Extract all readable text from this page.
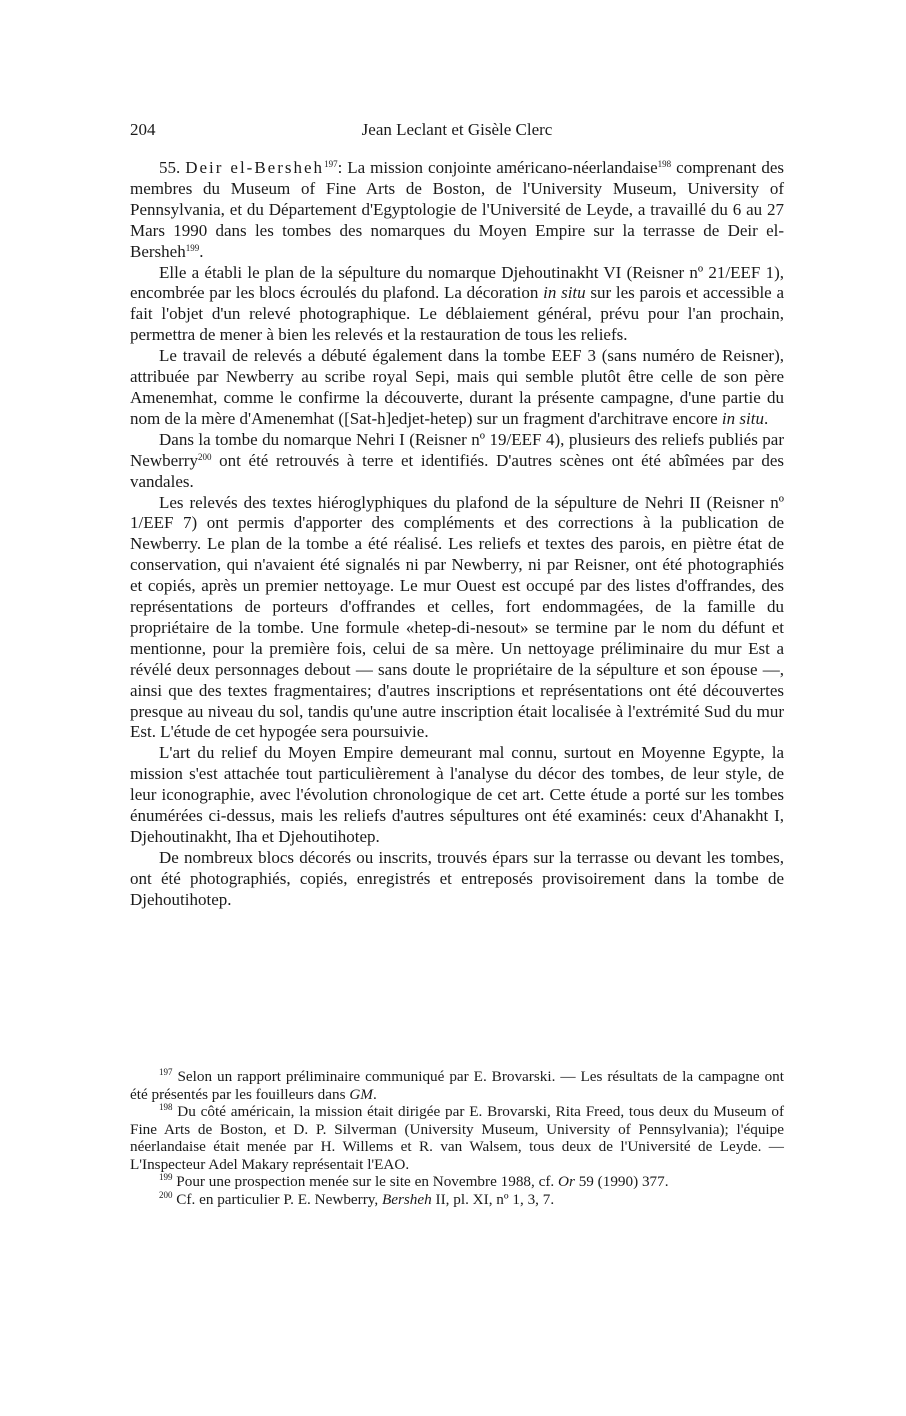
204	Jean Leclant et Gisèle Clerc

55. Deir el-Bersheh$^{197}$: La mission conjointe américano-néerlandaise$^{198}$ comprenant des membres du Museum of Fine Arts de Boston, de l'University Museum, University of Pennsylvania, et du Département d'Egyptologie de l'Université de Leyde, a travaillé du 6 au 27 Mars 1990 dans les tombes des nomarques du Moyen Empire sur la terrasse de Deir el-Bersheh$^{199}$.

Elle a établi le plan de la sépulture du nomarque Djehoutinakht VI (Reisner nº 21/EEF 1), encombrée par les blocs écroulés du plafond. La décoration in situ sur les parois et accessible a fait l'objet d'un relevé photographique. Le déblaiement général, prévu pour l'an prochain, permettra de mener à bien les relevés et la restauration de tous les reliefs.

Le travail de relevés a débuté également dans la tombe EEF 3 (sans numéro de Reisner), attribuée par Newberry au scribe royal Sepi, mais qui semble plutôt être celle de son père Amenemhat, comme le confirme la découverte, durant la présente campagne, d'une partie du nom de la mère d'Amenemhat ([Sat-h]edjet-hetep) sur un fragment d'architrave encore in situ.

Dans la tombe du nomarque Nehri I (Reisner nº 19/EEF 4), plusieurs des reliefs publiés par Newberry$^{200}$ ont été retrouvés à terre et identifiés. D'autres scènes ont été abîmées par des vandales.

Les relevés des textes hiéroglyphiques du plafond de la sépulture de Nehri II (Reisner nº 1/EEF 7) ont permis d'apporter des compléments et des corrections à la publication de Newberry. Le plan de la tombe a été réalisé. Les reliefs et textes des parois, en piètre état de conservation, qui n'avaient été signalés ni par Newberry, ni par Reisner, ont été photographiés et copiés, après un premier nettoyage. Le mur Ouest est occupé par des listes d'offrandes, des représentations de porteurs d'offrandes et celles, fort endommagées, de la famille du propriétaire de la tombe. Une formule «hetep-di-nesout» se termine par le nom du défunt et mentionne, pour la première fois, celui de sa mère. Un nettoyage préliminaire du mur Est a révélé deux personnages debout — sans doute le propriétaire de la sépulture et son épouse —, ainsi que des textes fragmentaires; d'autres inscriptions et représentations ont été découvertes presque au niveau du sol, tandis qu'une autre inscription était localisée à l'extrémité Sud du mur Est. L'étude de cet hypogée sera poursuivie.

L'art du relief du Moyen Empire demeurant mal connu, surtout en Moyenne Egypte, la mission s'est attachée tout particulièrement à l'analyse du décor des tombes, de leur style, de leur iconographie, avec l'évolution chronologique de cet art. Cette étude a porté sur les tombes énumérées ci-dessus, mais les reliefs d'autres sépultures ont été examinés: ceux d'Ahanakht I, Djehoutinakht, Iha et Djehoutihotep.

De nombreux blocs décorés ou inscrits, trouvés épars sur la terrasse ou devant les tombes, ont été photographiés, copiés, enregistrés et entreposés provisoirement dans la tombe de Djehoutihotep.

$^{197}$ Selon un rapport préliminaire communiqué par E. Brovarski. — Les résultats de la campagne ont été présentés par les fouilleurs dans GM.

$^{198}$ Du côté américain, la mission était dirigée par E. Brovarski, Rita Freed, tous deux du Museum of Fine Arts de Boston, et D. P. Silverman (University Museum, University of Pennsylvania); l'équipe néerlandaise était menée par H. Willems et R. van Walsem, tous deux de l'Université de Leyde. — L'Inspecteur Adel Makary représentait l'EAO.

$^{199}$ Pour une prospection menée sur le site en Novembre 1988, cf. Or 59 (1990) 377.

$^{200}$ Cf. en particulier P. E. Newberry, Bersheh II, pl. XI, nº 1, 3, 7.
